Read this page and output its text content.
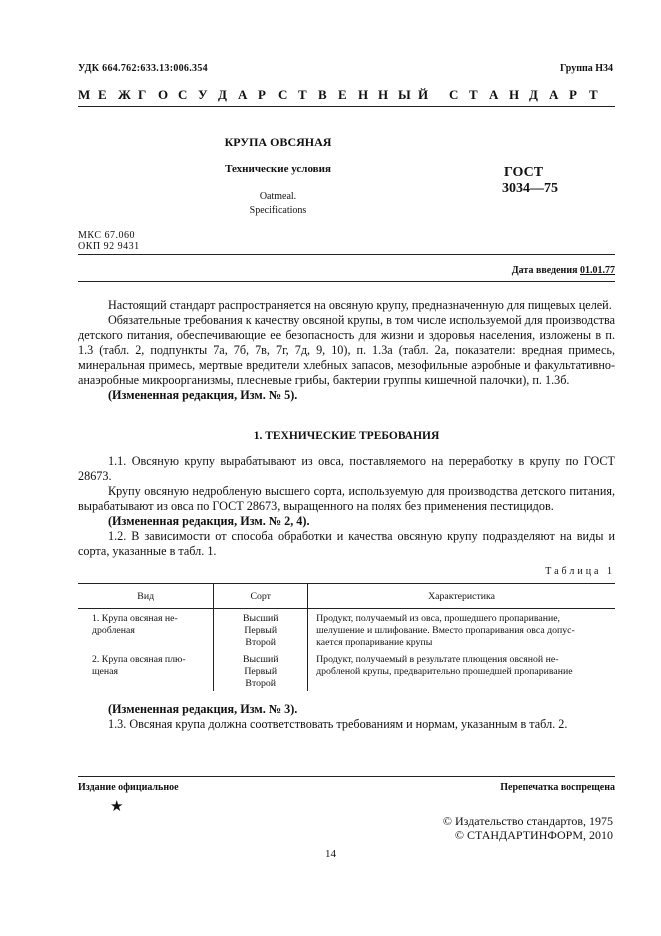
УДК 664.762:633.13:006.354	Группа Н34
М Е Ж Г О С У Д А Р С Т В Е Н Н Ы Й С Т А Н Д А Р Т
КРУПА ОВСЯНАЯ
Технические условия
Oatmeal.
Specifications
ГОСТ
3034—75
МКС 67.060
ОКП 92 9431
Дата введения 01.01.77

Настоящий стандарт распространяется на овсяную крупу, предназначенную для пищевых целей.

Обязательные требования к качеству овсяной крупы, в том числе используемой для производства детского питания, обеспечивающие ее безопасность для жизни и здоровья населения, изложены в п. 1.3 (табл. 2, подпункты 7а, 7б, 7в, 7г, 7д, 9, 10), п. 1.3а (табл. 2а, показатели: вредная примесь, минеральная примесь, мертвые вредители хлебных запасов, мезофильные аэробные и факультативно-анаэробные микроорганизмы, плесневые грибы, бактерии группы кишечной палочки), п. 1.3б.

(Измененная редакция, Изм. № 5).

1. ТЕХНИЧЕСКИЕ ТРЕБОВАНИЯ

1.1. Овсяную крупу вырабатывают из овса, поставляемого на переработку в крупу по ГОСТ 28673.

Крупу овсяную недробленую высшего сорта, используемую для производства детского питания, вырабатывают из овса по ГОСТ 28673, выращенного на полях без применения пестицидов.

(Измененная редакция, Изм. № 2, 4).

1.2. В зависимости от способа обработки и качества овсяную крупу подразделяют на виды и сорта, указанные в табл. 1.

Таблица 1
Вид	Сорт	Характеристика

1. Крупа овсяная не-
дробленая	Высший
Первый
Второй	Продукт, получаемый из овса, прошедшего пропаривание,
шелушение и шлифование. Вместо пропаривания овса допус-
кается пропаривание крупы

2. Крупа овсяная плю-
щеная	Высший
Первый
Второй	Продукт, получаемый в результате плющения овсяной не-
дробленой крупы, предварительно прошедшей пропаривание

(Измененная редакция, Изм. № 3).

1.3. Овсяная крупа должна соответствовать требованиям и нормам, указанным в табл. 2.

Издание официальное	Перепечатка воспрещена
★
© Издательство стандартов, 1975
© СТАНДАРТИНФОРМ, 2010
14
